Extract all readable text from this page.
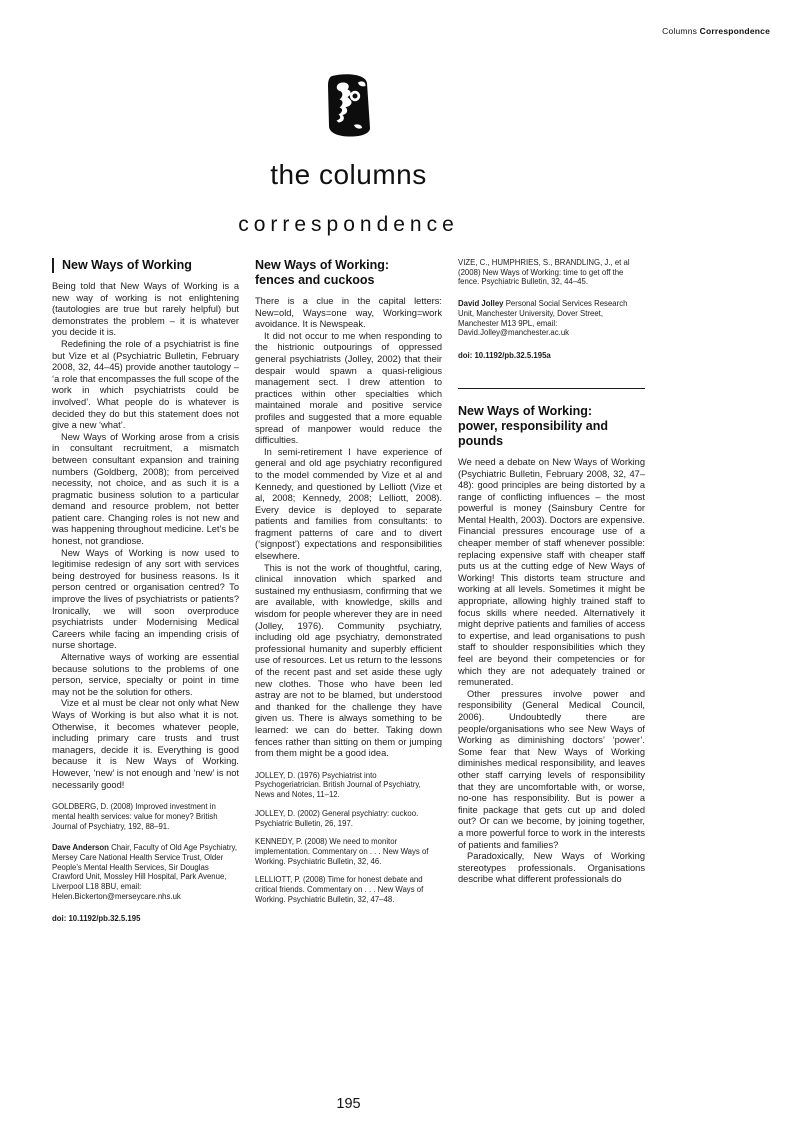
Columns Correspondence
the columns
correspondence
New Ways of Working

Being told that New Ways of Working is a new way of working is not enlightening (tautologies are true but rarely helpful) but demonstrates the problem – it is whatever you decide it is.

Redefining the role of a psychiatrist is fine but Vize et al (Psychiatric Bulletin, February 2008, 32, 44–45) provide another tautology – ‘a role that encompasses the full scope of the work in which psychiatrists could be involved’. What people do is whatever is decided they do but this statement does not give a new ‘what’.

New Ways of Working arose from a crisis in consultant recruitment, a mismatch between consultant expansion and training numbers (Goldberg, 2008); from perceived necessity, not choice, and as such it is a pragmatic business solution to a particular demand and resource problem, not better patient care. Changing roles is not new and was happening throughout medicine. Let’s be honest, not grandiose.

New Ways of Working is now used to legitimise redesign of any sort with services being destroyed for business reasons. Is it person centred or organisation centred? To improve the lives of psychiatrists or patients? Ironically, we will soon overproduce psychiatrists under Modernising Medical Careers while facing an impending crisis of nurse shortage.

Alternative ways of working are essential because solutions to the problems of one person, service, specialty or point in time may not be the solution for others.

Vize et al must be clear not only what New Ways of Working is but also what it is not. Otherwise, it becomes whatever people, including primary care trusts and trust managers, decide it is. Everything is good because it is New Ways of Working. However, ‘new’ is not enough and ‘new’ is not necessarily good!

GOLDBERG, D. (2008) Improved investment in mental health services: value for money? British Journal of Psychiatry, 192, 88–91.

Dave Anderson Chair, Faculty of Old Age Psychiatry, Mersey Care National Health Service Trust, Older People’s Mental Health Services, Sir Douglas Crawford Unit, Mossley Hill Hospital, Park Avenue, Liverpool L18 8BU, email: Helen.Bickerton@merseycare.nhs.uk

doi: 10.1192/pb.32.5.195

New Ways of Working: fences and cuckoos

There is a clue in the capital letters: New=old, Ways=one way, Working=work avoidance. It is Newspeak.

It did not occur to me when responding to the histrionic outpourings of oppressed general psychiatrists (Jolley, 2002) that their despair would spawn a quasi-religious management sect. I drew attention to practices within other specialties which maintained morale and positive service profiles and suggested that a more equable spread of manpower would reduce the difficulties.

In semi-retirement I have experience of general and old age psychiatry reconfigured to the model commended by Vize et al and Kennedy, and questioned by Lelliott (Vize et al, 2008; Kennedy, 2008; Lelliott, 2008). Every device is deployed to separate patients and families from consultants: to fragment patterns of care and to divert (‘signpost’) expectations and responsibilities elsewhere.

This is not the work of thoughtful, caring, clinical innovation which sparked and sustained my enthusiasm, confirming that we are available, with knowledge, skills and wisdom for people wherever they are in need (Jolley, 1976). Community psychiatry, including old age psychiatry, demonstrated professional humanity and superbly efficient use of resources. Let us return to the lessons of the recent past and set aside these ugly new clothes. Those who have been led astray are not to be blamed, but understood and thanked for the challenge they have given us. There is always something to be learned: we can do better. Taking down fences rather than sitting on them or jumping from them might be a good idea.

JOLLEY, D. (1976) Psychiatrist into Psychogeriatrician. British Journal of Psychiatry, News and Notes, 11–12.

JOLLEY, D. (2002) General psychiatry: cuckoo. Psychiatric Bulletin, 26, 197.

KENNEDY, P. (2008) We need to monitor implementation. Commentary on . . . New Ways of Working. Psychiatric Bulletin, 32, 46.

LELLIOTT, P. (2008) Time for honest debate and critical friends. Commentary on . . . New Ways of Working. Psychiatric Bulletin, 32, 47–48.

VIZE, C., HUMPHRIES, S., BRANDLING, J., et al (2008) New Ways of Working: time to get off the fence. Psychiatric Bulletin, 32, 44–45.

David Jolley Personal Social Services Research Unit, Manchester University, Dover Street, Manchester M13 9PL, email: David.Jolley@manchester.ac.uk

doi: 10.1192/pb.32.5.195a

New Ways of Working: power, responsibility and pounds

We need a debate on New Ways of Working (Psychiatric Bulletin, February 2008, 32, 47–48): good principles are being distorted by a range of conflicting influences – the most powerful is money (Sainsbury Centre for Mental Health, 2003). Doctors are expensive. Financial pressures encourage use of a cheaper member of staff whenever possible: replacing expensive staff with cheaper staff puts us at the cutting edge of New Ways of Working! This distorts team structure and working at all levels. Sometimes it might be appropriate, allowing highly trained staff to focus skills where needed. Alternatively it might deprive patients and families of access to expertise, and lead organisations to push staff to shoulder responsibilities which they feel are beyond their competencies or for which they are not adequately trained or remunerated.

Other pressures involve power and responsibility (General Medical Council, 2006). Undoubtedly there are people/organisations who see New Ways of Working as diminishing doctors’ ‘power’. Some fear that New Ways of Working diminishes medical responsibility, and leaves other staff carrying levels of responsibility that they are uncomfortable with, or worse, no-one has responsibility. But is power a finite package that gets cut up and doled out? Or can we become, by joining together, a more powerful force to work in the interests of patients and families?

Paradoxically, New Ways of Working stereotypes professionals. Organisations describe what different professionals do

195
